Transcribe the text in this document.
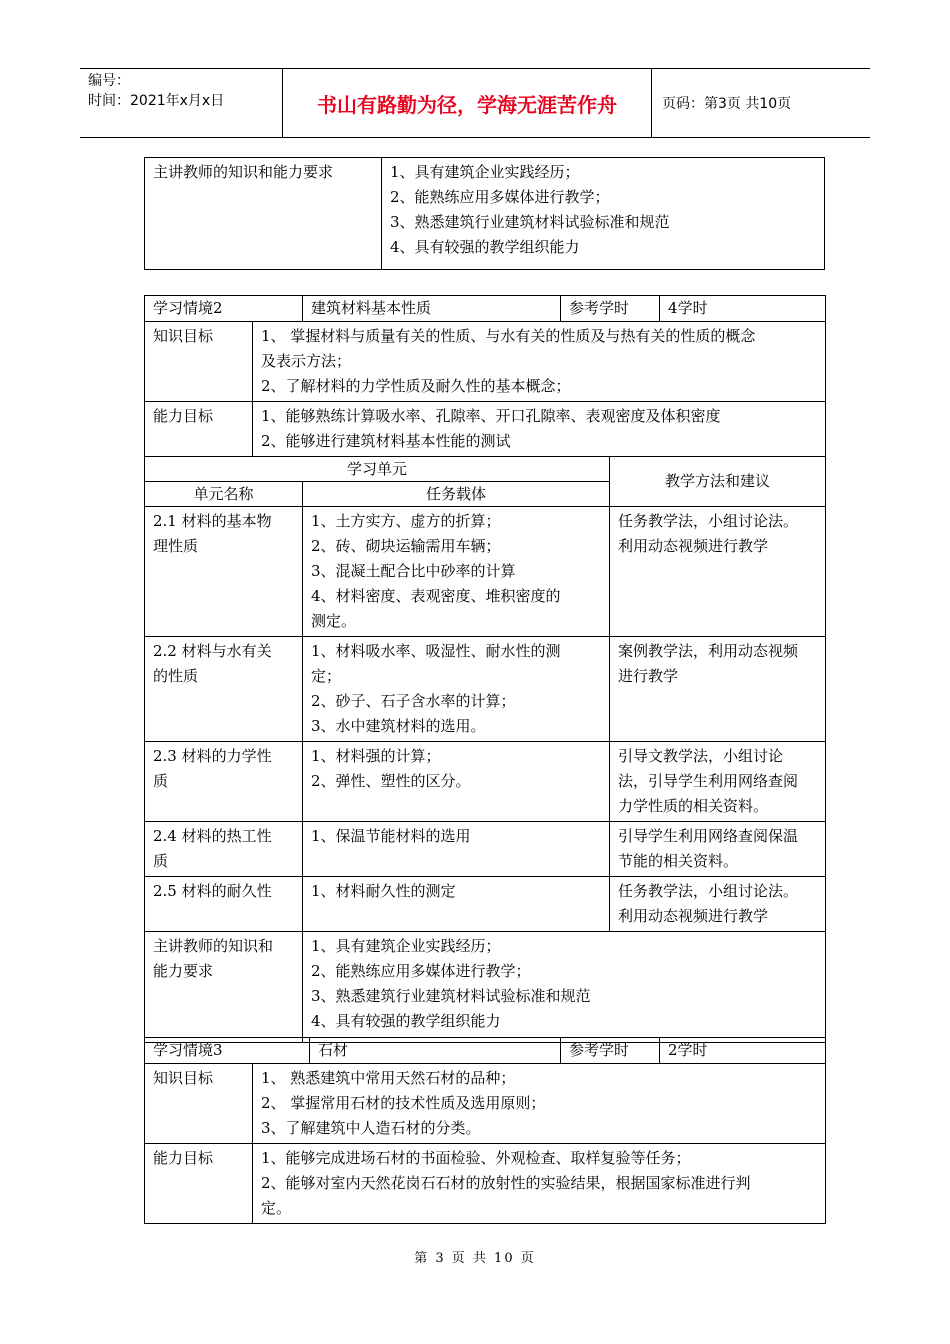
编号：
时间：2021年x月x日	书山有路勤为径，学海无涯苦作舟	页码：第3页 共10页
主讲教师的知识和能力要求	1、具有建筑企业实践经历；
2、能熟练应用多媒体进行教学；
3、熟悉建筑行业建筑材料试验标准和规范
4、具有较强的教学组织能力
学习情境2		建筑材料基本性质	参考学时		4学时
知识目标	1、 掌握材料与质量有关的性质、与水有关的性质及与热有关的性质的概念
及表示方法；
2、了解材料的力学性质及耐久性的基本概念；				

能力目标	1、能够熟练计算吸水率、孔隙率、开口孔隙率、表观密度及体积密度
2、能够进行建筑材料基本性能的测试				

学习单元				教学方法和建议	
单元名称		任务载体			

2.1 材料的基本物
理性质		1、土方实方、虚方的折算；
2、砖、砌块运输需用车辆；
3、混凝土配合比中砂率的计算
4、材料密度、表观密度、堆积密度的
测定。		任务教学法，小组讨论法。
利用动态视频进行教学	

2.2 材料与水有关
的性质		1、材料吸水率、吸湿性、耐水性的测
定；
2、砂子、石子含水率的计算；
3、水中建筑材料的选用。		案例教学法，利用动态视频
进行教学	

2.3 材料的力学性
质		1、材料强的计算；
2、弹性、塑性的区分。		引导文教学法，小组讨论
法，引导学生利用网络查阅
力学性质的相关资料。	

2.4 材料的热工性
质		1、保温节能材料的选用		引导学生利用网络查阅保温
节能的相关资料。	

2.5 材料的耐久性		1、材料耐久性的测定		任务教学法，小组讨论法。
利用动态视频进行教学	

主讲教师的知识和
能力要求		1、具有建筑企业实践经历；
2、能熟练应用多媒体进行教学；
3、熟悉建筑行业建筑材料试验标准和规范
4、具有较强的教学组织能力			
学习情境3		石材	参考学时	2学时
知识目标	1、 熟悉建筑中常用天然石材的品种；
2、 掌握常用石材的技术性质及选用原则；
3、了解建筑中人造石材的分类。			

能力目标	1、能够完成进场石材的书面检验、外观检查、取样复验等任务；
2、能够对室内天然花岗石石材的放射性的实验结果，根据国家标准进行判
定。			
第 3 页 共 10 页
